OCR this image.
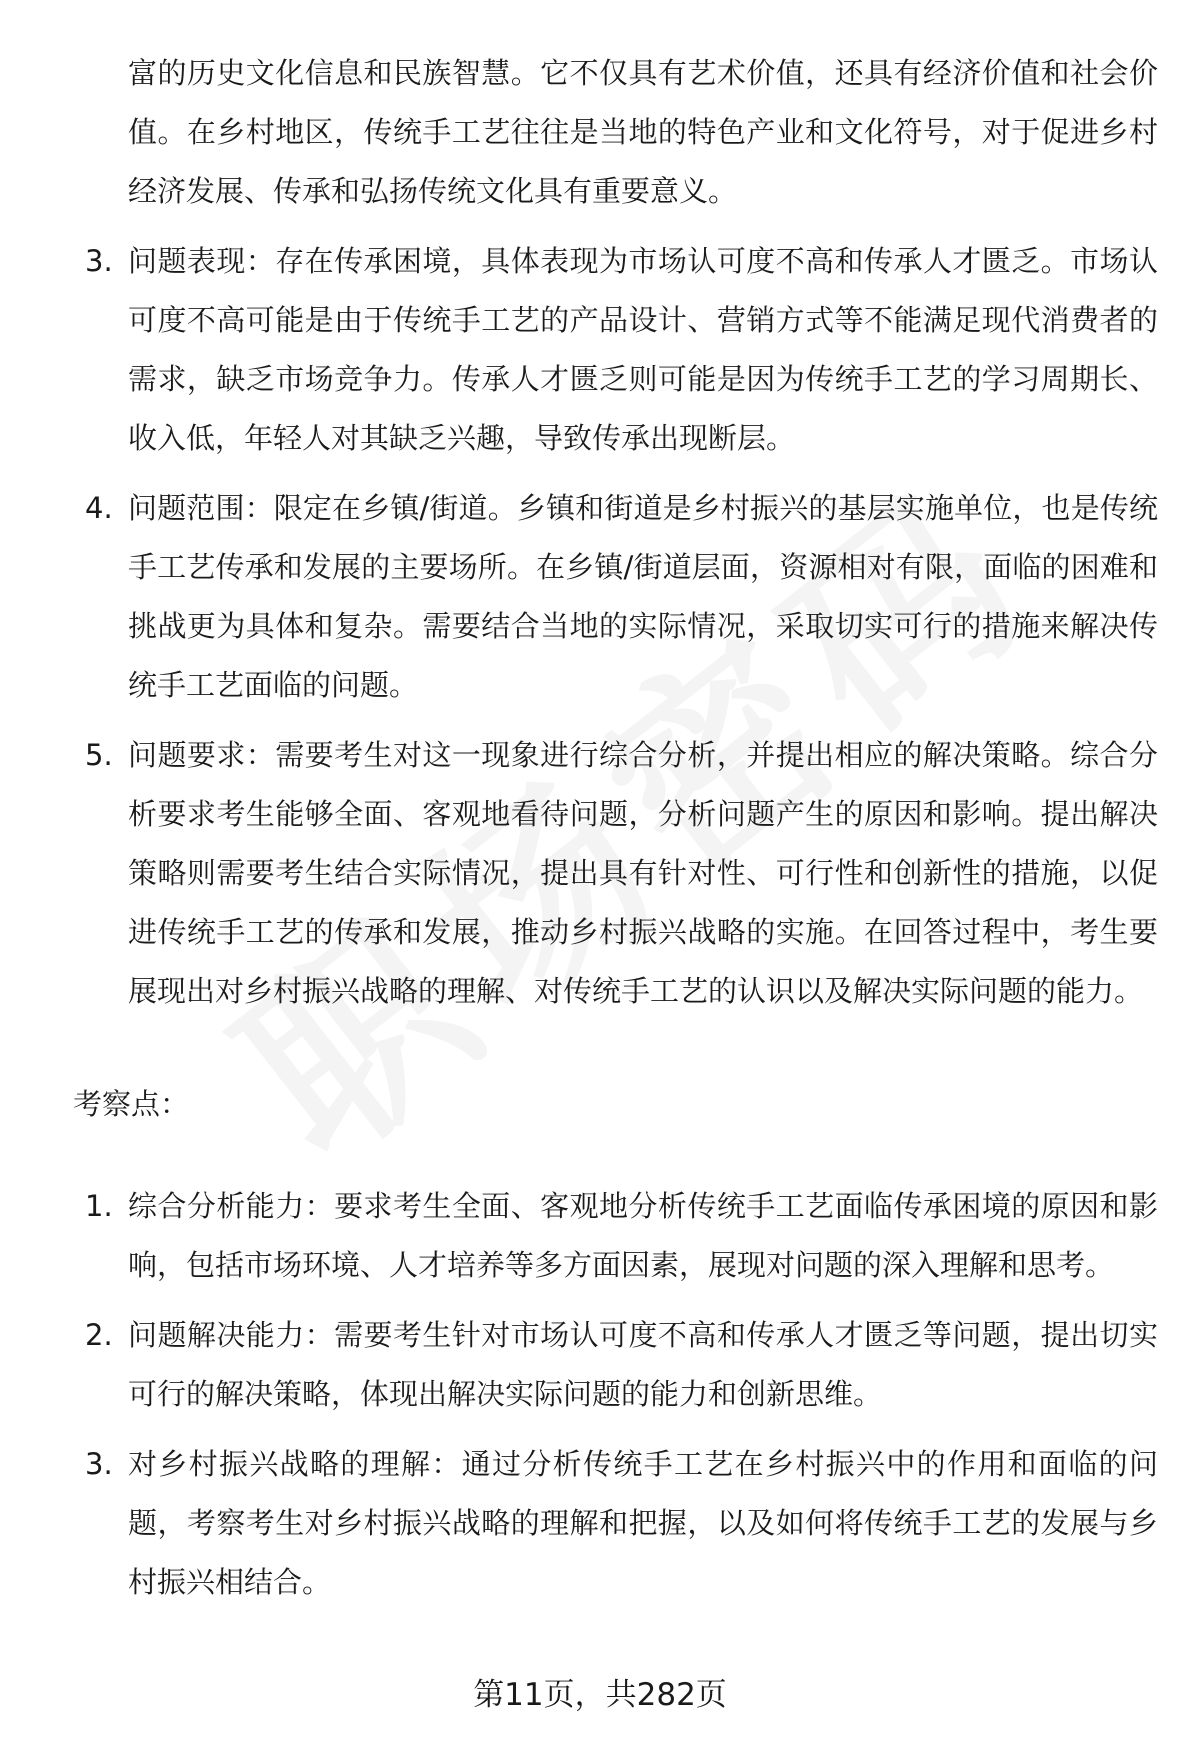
富的历史文化信息和民族智慧。它不仅具有艺术价值，还具有经济价值和社会价值。在乡村地区，传统手工艺往往是当地的特色产业和文化符号，对于促进乡村经济发展、传承和弘扬传统文化具有重要意义。

3. 问题表现：存在传承困境，具体表现为市场认可度不高和传承人才匮乏。市场认可度不高可能是由于传统手工艺的产品设计、营销方式等不能满足现代消费者的需求，缺乏市场竞争力。传承人才匮乏则可能是因为传统手工艺的学习周期长、收入低，年轻人对其缺乏兴趣，导致传承出现断层。

4. 问题范围：限定在乡镇/街道。乡镇和街道是乡村振兴的基层实施单位，也是传统手工艺传承和发展的主要场所。在乡镇/街道层面，资源相对有限，面临的困难和挑战更为具体和复杂。需要结合当地的实际情况，采取切实可行的措施来解决传统手工艺面临的问题。

5. 问题要求：需要考生对这一现象进行综合分析，并提出相应的解决策略。综合分析要求考生能够全面、客观地看待问题，分析问题产生的原因和影响。提出解决策略则需要考生结合实际情况，提出具有针对性、可行性和创新性的措施，以促进传统手工艺的传承和发展，推动乡村振兴战略的实施。在回答过程中，考生要展现出对乡村振兴战略的理解、对传统手工艺的认识以及解决实际问题的能力。

考察点：
1. 综合分析能力：要求考生全面、客观地分析传统手工艺面临传承困境的原因和影响，包括市场环境、人才培养等多方面因素，展现对问题的深入理解和思考。

2. 问题解决能力：需要考生针对市场认可度不高和传承人才匮乏等问题，提出切实可行的解决策略，体现出解决实际问题的能力和创新思维。

3. 对乡村振兴战略的理解：通过分析传统手工艺在乡村振兴中的作用和面临的问题，考察考生对乡村振兴战略的理解和把握，以及如何将传统手工艺的发展与乡村振兴相结合。

第11页，共282页
